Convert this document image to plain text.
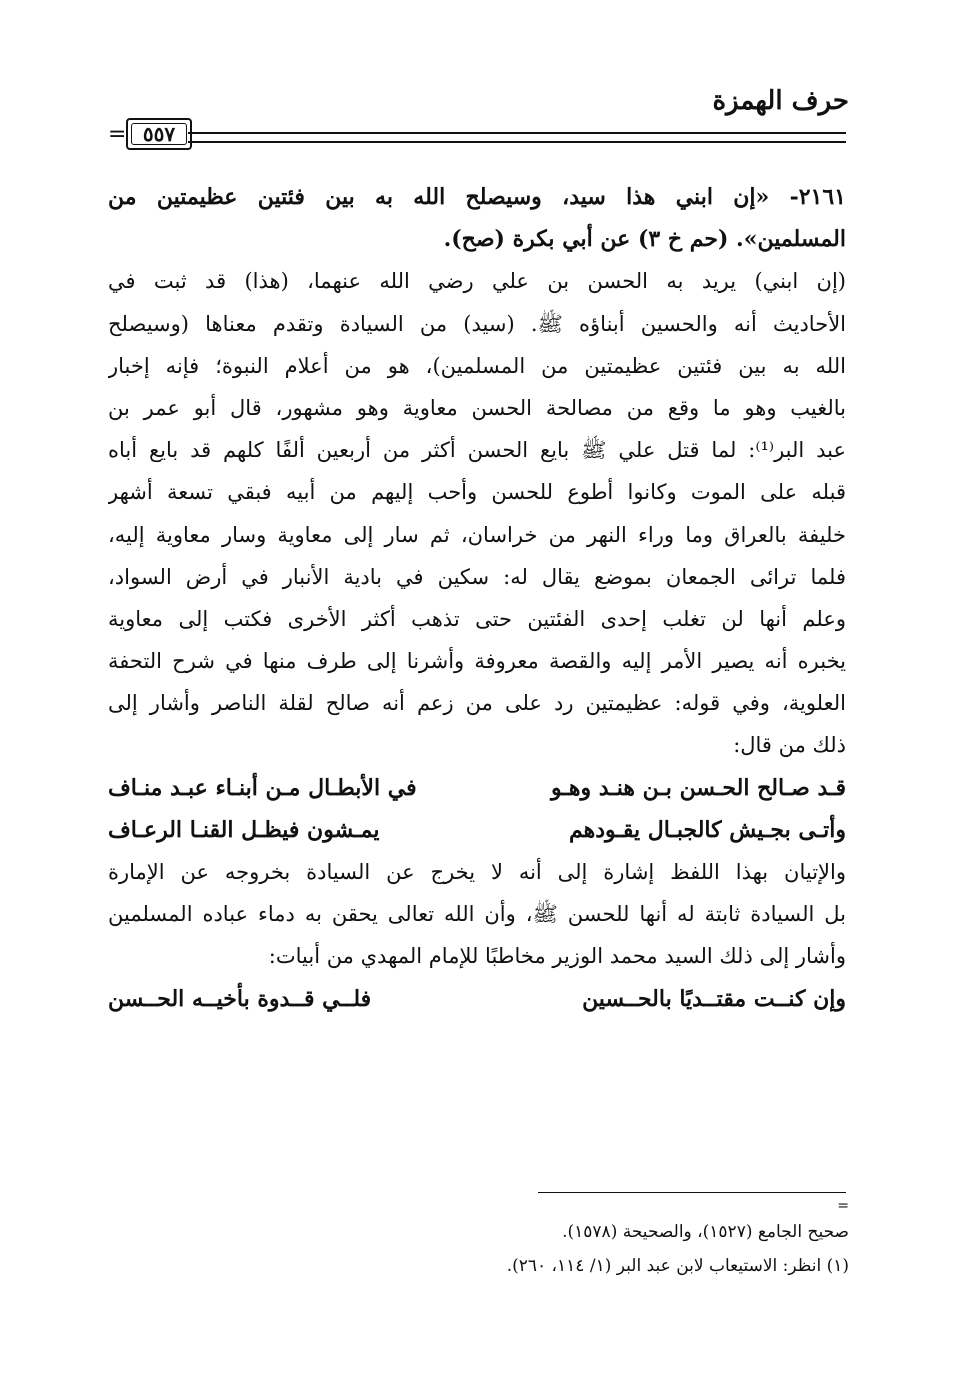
حرف الهمزة
= ٥٥٧
٢١٦١- «إن ابني هذا سيد، وسيصلح الله به بين فئتين عظيمتين من
المسلمين». (حم خ ٣) عن أبي بكرة (صح).
(إن ابني) يريد به الحسن بن علي رضي الله عنهما، (هذا) قد ثبت في
الأحاديث أنه والحسين أبناؤه ﷺ. (سيد) من السيادة وتقدم معناها (وسيصلح
الله به بين فئتين عظيمتين من المسلمين)، هو من أعلام النبوة؛ فإنه إخبار
بالغيب وهو ما وقع من مصالحة الحسن معاوية وهو مشهور، قال أبو عمر بن
عبد البر⁽¹⁾: لما قتل علي ﷺ بايع الحسن أكثر من أربعين ألفًا كلهم قد بايع أباه
قبله على الموت وكانوا أطوع للحسن وأحب إليهم من أبيه فبقي تسعة أشهر
خليفة بالعراق وما وراء النهر من خراسان، ثم سار إلى معاوية وسار معاوية إليه،
فلما ترائى الجمعان بموضع يقال له: سكين في بادية الأنبار في أرض السواد،
وعلم أنها لن تغلب إحدى الفئتين حتى تذهب أكثر الأخرى فكتب إلى معاوية
يخبره أنه يصير الأمر إليه والقصة معروفة وأشرنا إلى طرف منها في شرح التحفة
العلوية، وفي قوله: عظيمتين رد على من زعم أنه صالح لقلة الناصر وأشار إلى
ذلك من قال:
قـد صـالح الحـسن بـن هنـد وهـو
في الأبطـال مـن أبنـاء عبـد منـاف
وأتـى بجـيش كالجبـال يقـودهم
يمـشون فيظـل القنـا الرعـاف
والإتيان بهذا اللفظ إشارة إلى أنه لا يخرج عن السيادة بخروجه عن الإمارة
بل السيادة ثابتة له أنها للحسن ﷺ، وأن الله تعالى يحقن به دماء عباده المسلمين
وأشار إلى ذلك السيد محمد الوزير مخاطبًا للإمام المهدي من أبيات:
وإن كنــت مقتــديًا بالحــسين
فلــي قــدوة بأخيــه الحــسن
=
صحيح الجامع (١٥٢٧)، والصحيحة (١٥٧٨).
(١) انظر: الاستيعاب لابن عبد البر (١/ ١١٤، ٢٦٠).
